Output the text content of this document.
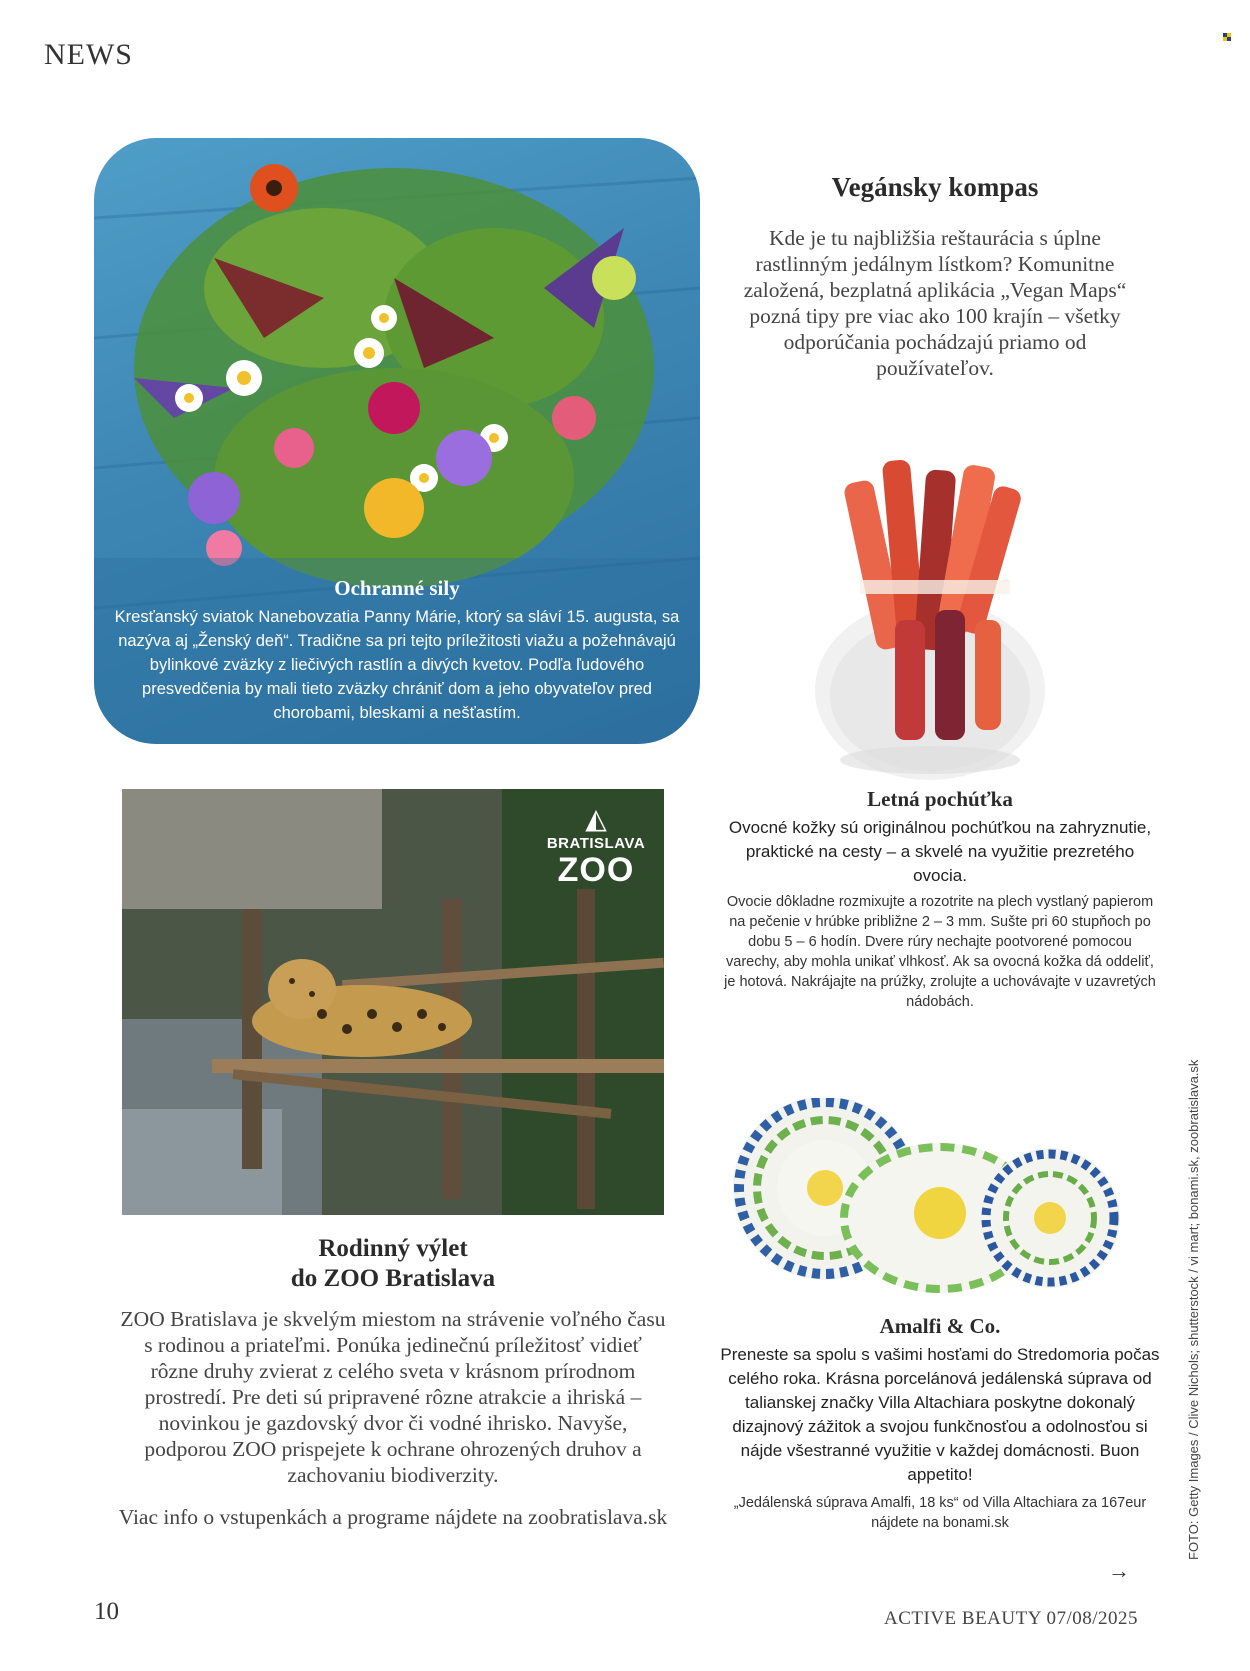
NEWS
Ochranné sily
Kresťanský sviatok Nanebovzatia Panny Márie, ktorý sa sláví 15. augusta, sa nazýva aj „Ženský deň“. Tradične sa pri tejto príležitosti viažu a požehnávajú bylinkové zväzky z liečivých rastlín a divých kvetov. Podľa ľudového presvedčenia by mali tieto zväzky chrániť dom a jeho obyvateľov pred chorobami, bleskami a nešťastím.
Vegánsky kompas
Kde je tu najbližšia reštaurácia s úplne rastlinným jedálnym lístkom? Komunitne založená, bezplatná aplikácia „Vegan Maps“ pozná tipy pre viac ako 100 krajín – všetky odporúčania pochádzajú priamo od používateľov.
Letná pochúťka
Ovocné kožky sú originálnou pochúťkou na zahryznutie, praktické na cesty – a skvelé na využitie prezretého ovocia.
Ovocie dôkladne rozmixujte a rozotrite na plech vystlaný papierom na pečenie v hrúbke približne 2 – 3 mm. Sušte pri 60 stupňoch po dobu 5 – 6 hodín. Dvere rúry nechajte pootvorené pomocou varechy, aby mohla unikať vlhkosť. Ak sa ovocná kožka dá oddeliť, je hotová. Nakrájajte na prúžky, zrolujte a uchovávajte v uzavretých nádobách.
◭
BRATISLAVA
ZOO
Rodinný výlet
do ZOO Bratislava
ZOO Bratislava je skvelým miestom na strávenie voľného času s rodinou a priateľmi. Ponúka jedinečnú príležitosť vidieť rôzne druhy zvierat z celého sveta v krásnom prírodnom prostredí. Pre deti sú pripravené rôzne atrakcie a ihriská – novinkou je gazdovský dvor či vodné ihrisko. Navyše, podporou ZOO prispejete k ochrane ohrozených druhov a zachovaniu biodiverzity.
Viac info o vstupenkách a programe nájdete na zoobratislava.sk
Amalfi & Co.
Preneste sa spolu s vašimi hosťami do Stredomoria počas celého roka. Krásna porcelánová jedálenská súprava od talianskej značky Villa Altachiara poskytne dokonalý dizajnový zážitok a svojou funkčnosťou a odolnosťou si nájde všestranné využitie v každej domácnosti. Buon appetito!
„Jedálenská súprava Amalfi, 18 ks“ od Villa Altachiara za 167eur nájdete na bonami.sk
→
FOTO: Getty Images / Clive Nichols; shutterstock / vi mart; bonami.sk, zoobratislava.sk
10	ACTIVE BEAUTY 07/08/2025
